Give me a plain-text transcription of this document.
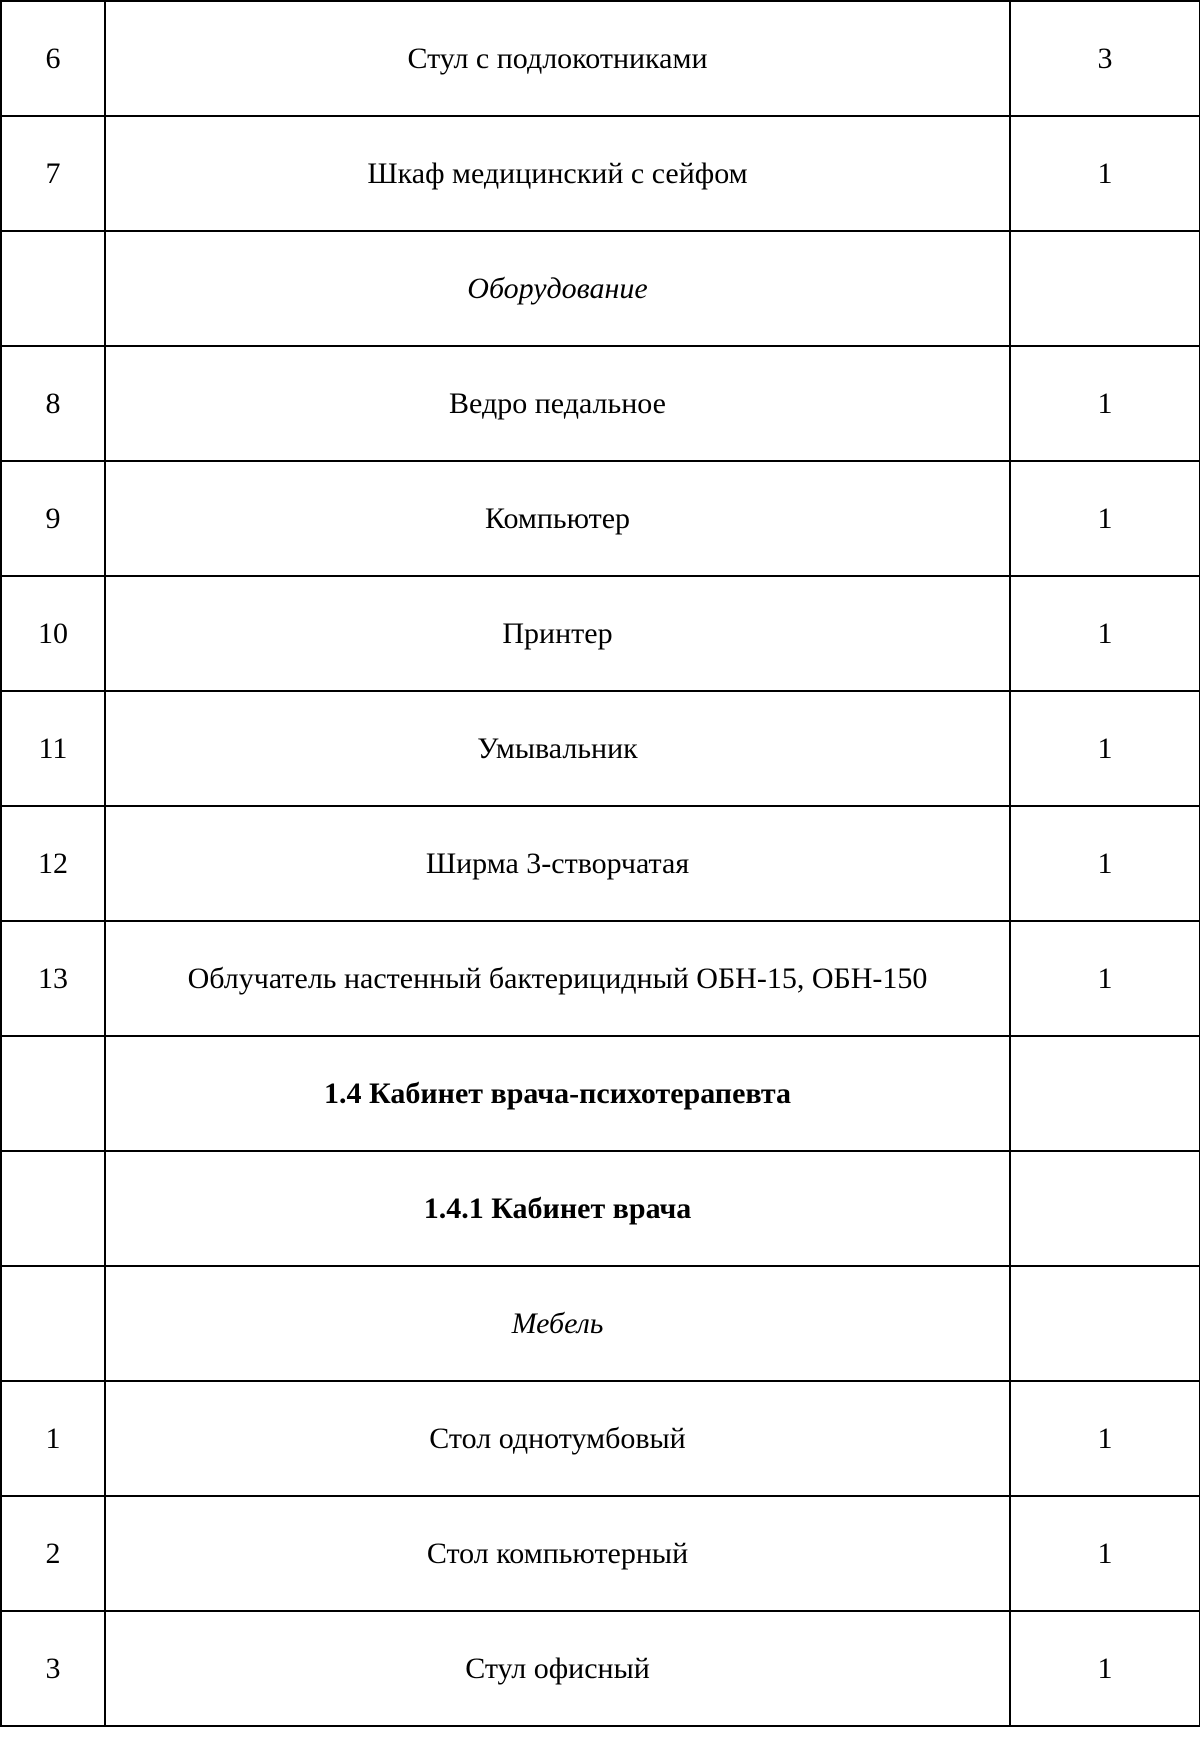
6	Стул с подлокотниками	3
7	Шкаф медицинский с сейфом	1
	Оборудование	
8	Ведро педальное	1
9	Компьютер	1
10	Принтер	1
11	Умывальник	1
12	Ширма 3-створчатая	1
13	Облучатель настенный бактерицидный ОБН-15, ОБН-150	1
	1.4 Кабинет врача-психотерапевта	
	1.4.1 Кабинет врача	
	Мебель	
1	Стол однотумбовый	1
2	Стол компьютерный	1
3	Стул офисный	1
